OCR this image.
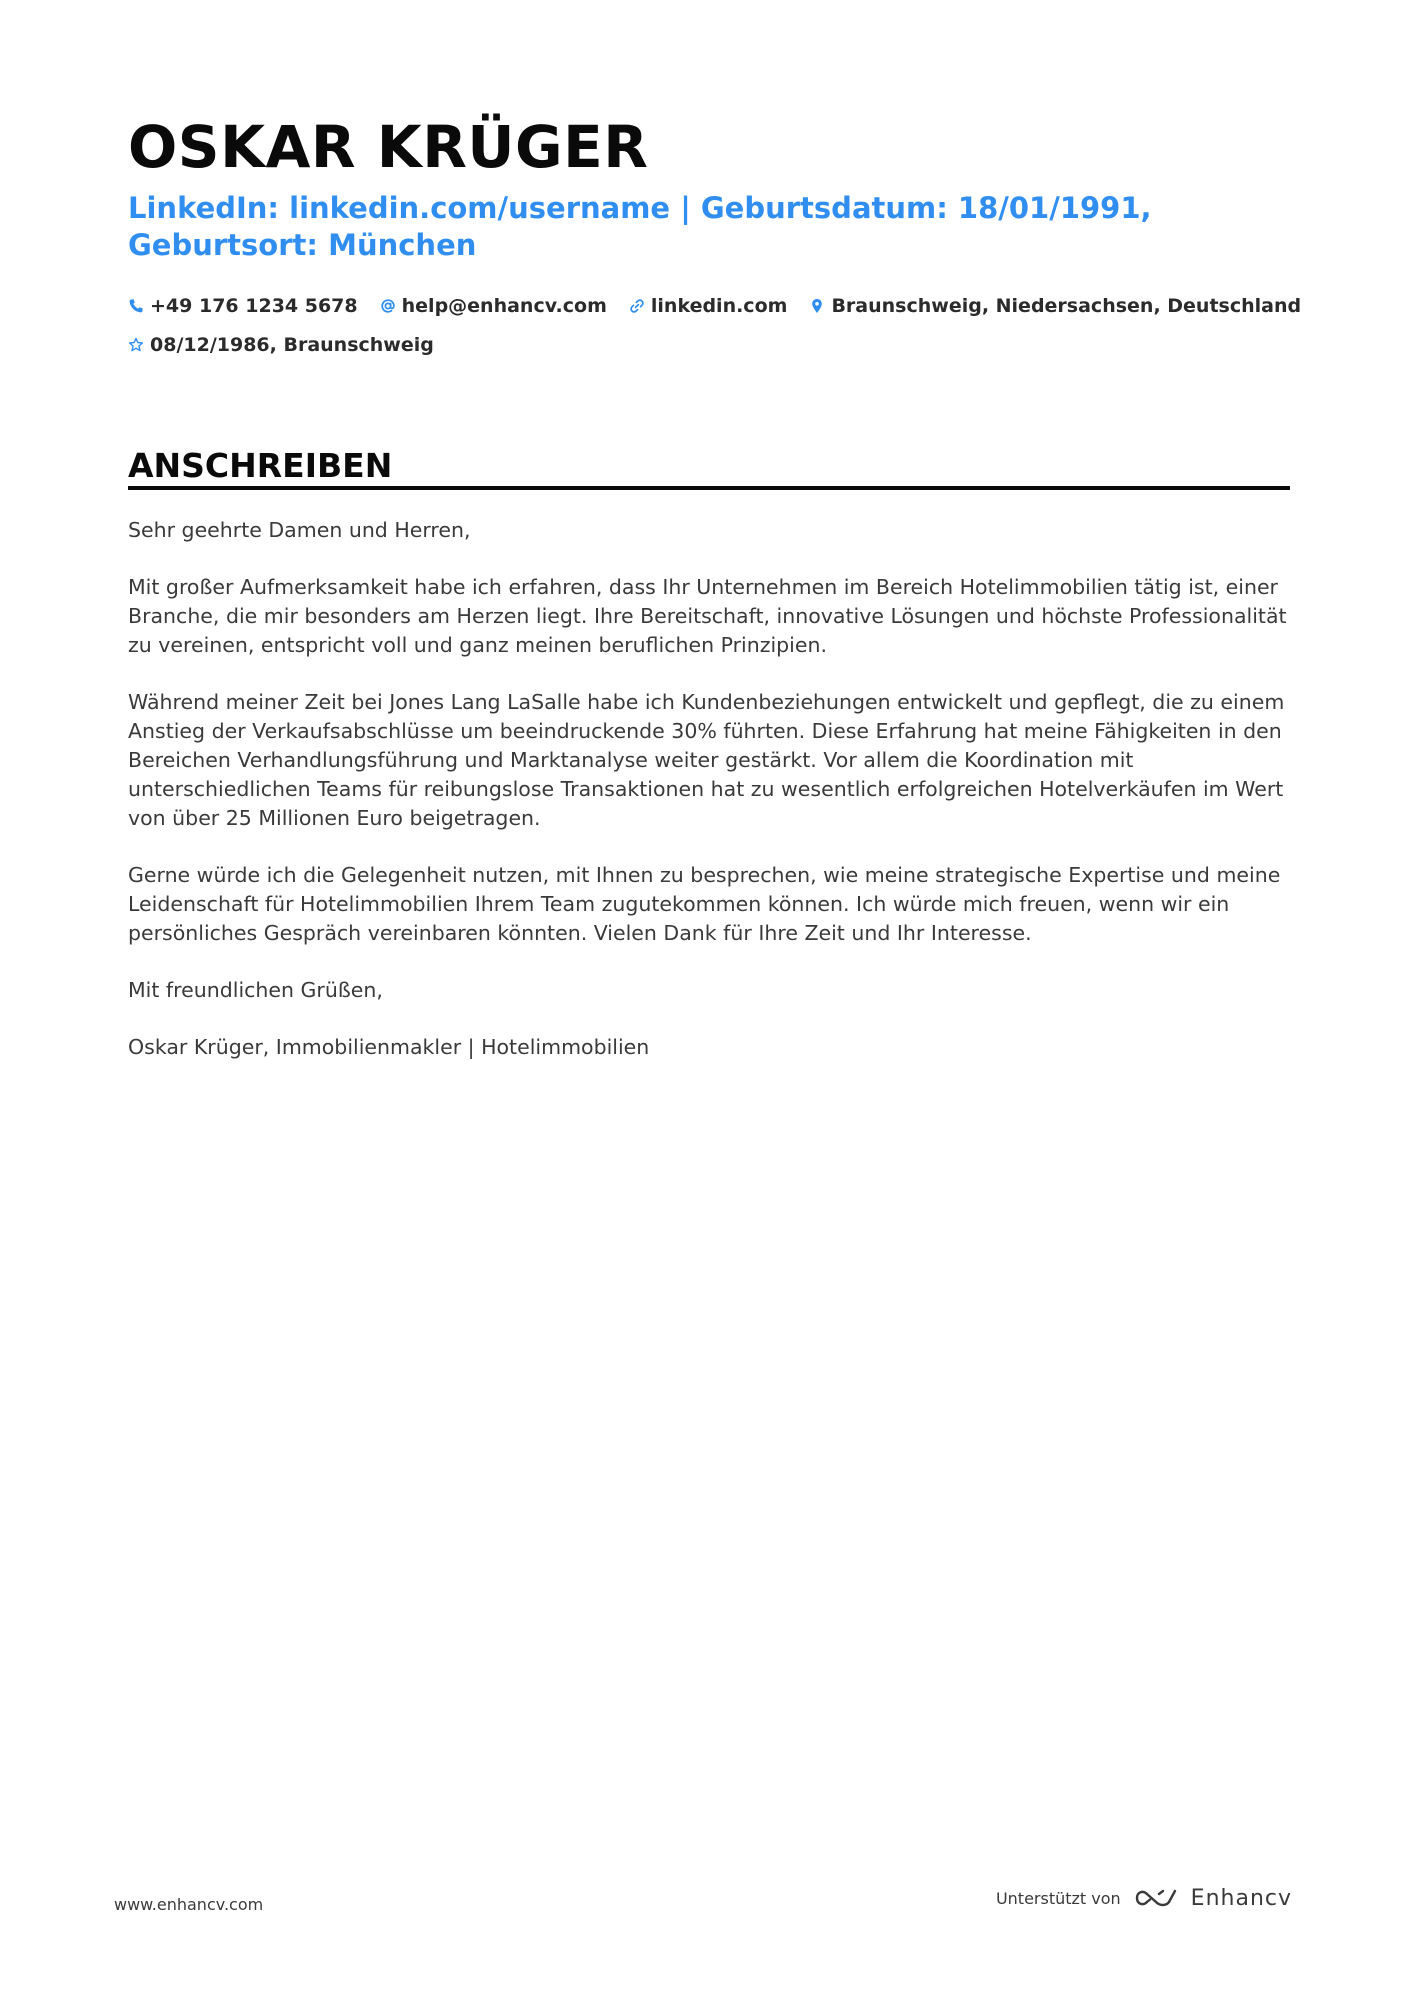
OSKAR KRÜGER

LinkedIn: linkedin.com/username | Geburtsdatum: 18/01/1991, Geburtsort: München

+49 176 1234 5678 help@enhancv.com linkedin.com Braunschweig, Niedersachsen, Deutschland
08/12/1986, Braunschweig
ANSCHREIBEN

Sehr geehrte Damen und Herren,

Mit großer Aufmerksamkeit habe ich erfahren, dass Ihr Unternehmen im Bereich Hotelimmobilien tätig ist, einer Branche, die mir besonders am Herzen liegt. Ihre Bereitschaft, innovative Lösungen und höchste Professionalität zu vereinen, entspricht voll und ganz meinen beruflichen Prinzipien.

Während meiner Zeit bei Jones Lang LaSalle habe ich Kundenbeziehungen entwickelt und gepflegt, die zu einem Anstieg der Verkaufsabschlüsse um beeindruckende 30% führten. Diese Erfahrung hat meine Fähigkeiten in den Bereichen Verhandlungsführung und Marktanalyse weiter gestärkt. Vor allem die Koordination mit unterschiedlichen Teams für reibungslose Transaktionen hat zu wesentlich erfolgreichen Hotelverkäufen im Wert von über 25 Millionen Euro beigetragen.

Gerne würde ich die Gelegenheit nutzen, mit Ihnen zu besprechen, wie meine strategische Expertise und meine Leidenschaft für Hotelimmobilien Ihrem Team zugutekommen können. Ich würde mich freuen, wenn wir ein persönliches Gespräch vereinbaren könnten. Vielen Dank für Ihre Zeit und Ihr Interesse.

Mit freundlichen Grüßen,

Oskar Krüger, Immobilienmakler | Hotelimmobilien

www.enhancv.com	Unterstützt von	Enhancv
